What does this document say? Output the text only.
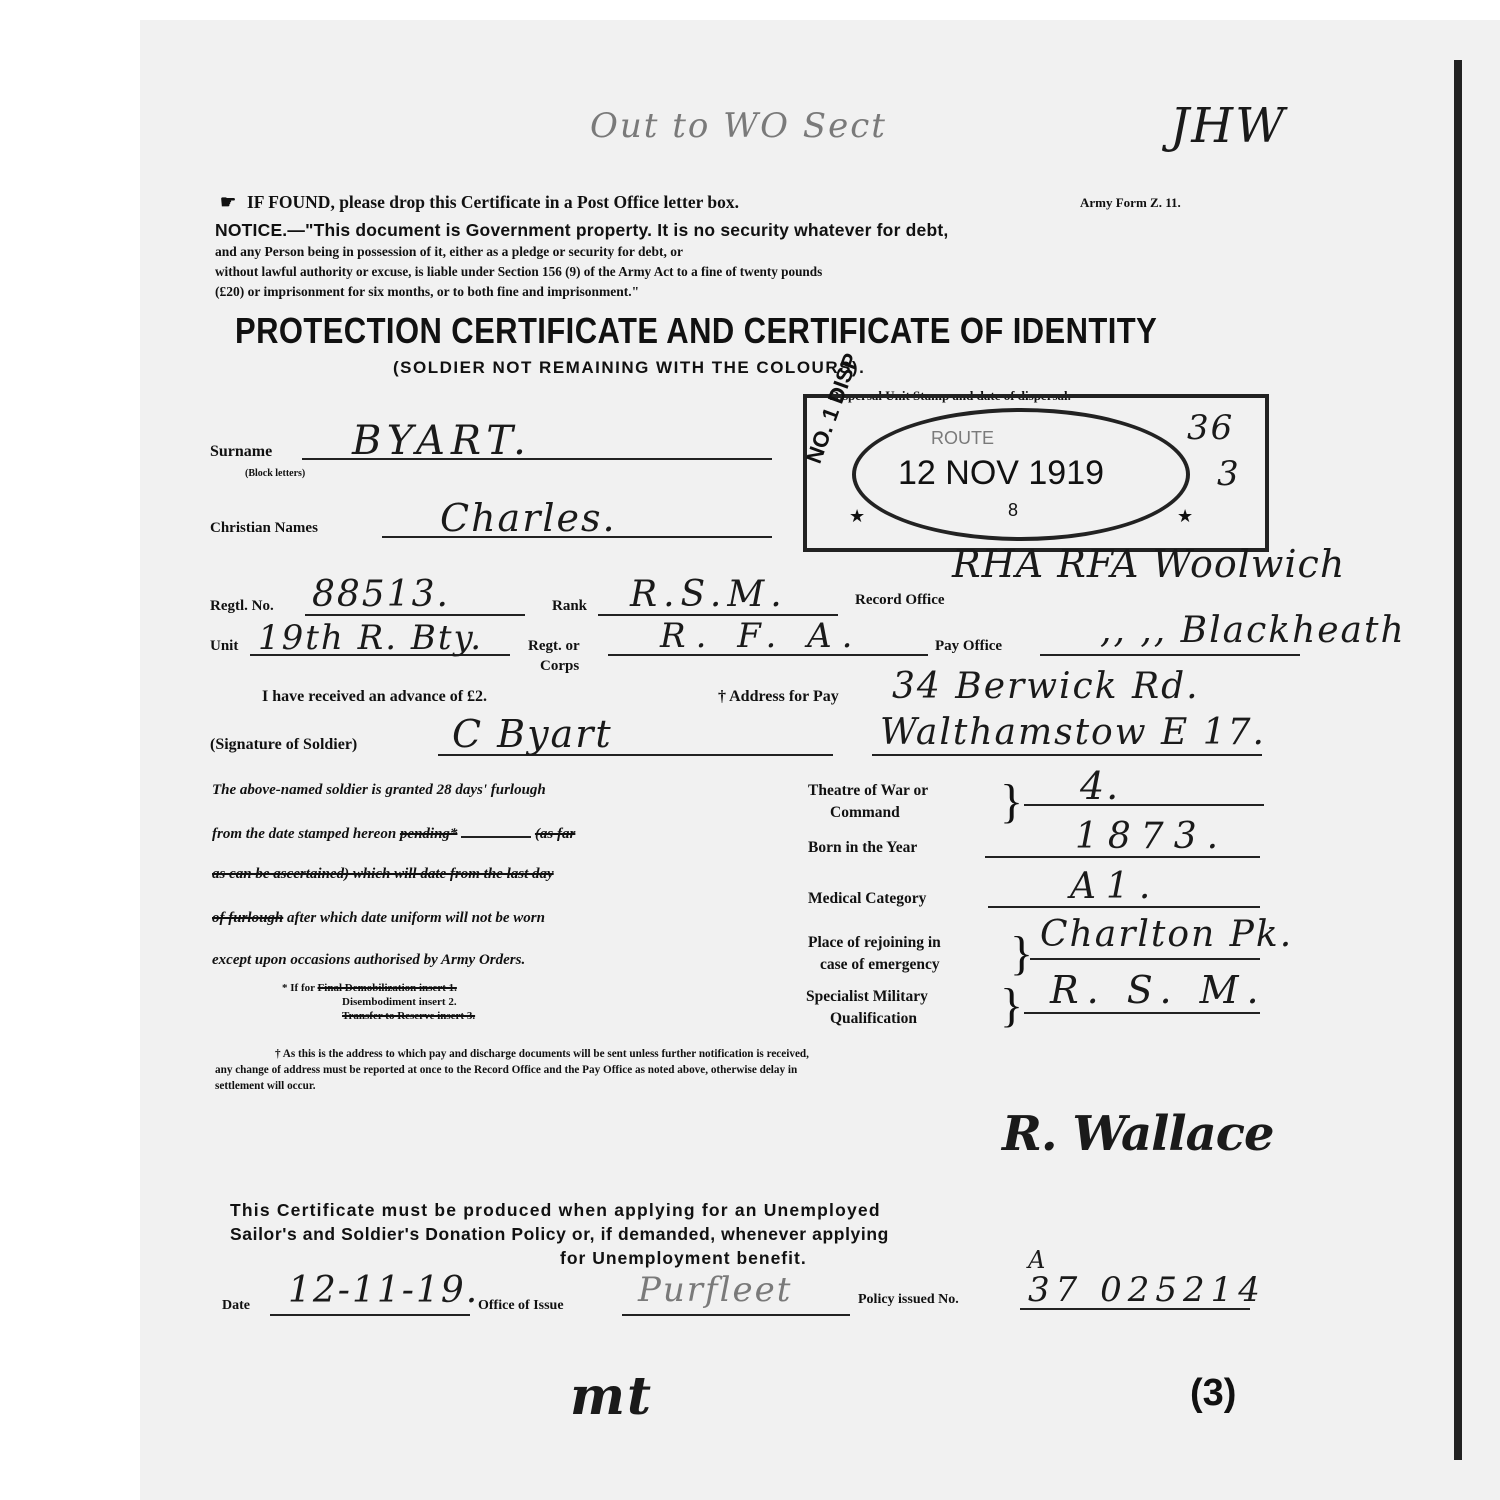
Out to WO Sect	JHW
☛ IF FOUND, please drop this Certificate in a Post Office letter box.	Army Form Z. 11.
NOTICE.—"This document is Government property. It is no security whatever for debt,
and any Person being in possession of it, either as a pledge or security for debt, or
without lawful authority or excuse, is liable under Section 156 (9) of the Army Act to a fine of twenty pounds
(£20) or imprisonment for six months, or to both fine and imprisonment."
PROTECTION CERTIFICATE AND CERTIFICATE OF IDENTITY
(SOLDIER NOT REMAINING WITH THE COLOURS).
Dispersal Unit Stamp and date of dispersal.
ROUTE
12 NOV 1919
8
NO. 1 DISP
★	★
36
3
Surname
(Block letters)
BYART.
Christian Names	Charles.
Regtl. No. 88513.	Rank R.S.M.	Record Office
RHA RFA Woolwich
Unit 19th R. Bty.	Regt. or
Corps
R. F. A.	Pay Office	,, ,, Blackheath
I have received an advance of £2.	† Address for Pay 34 Berwick Rd.
Walthamstow E 17.
(Signature of Soldier) C Byart
The above-named soldier is granted 28 days' furlough
from the date stamped hereon pending*	(as far
as can be ascertained) which will date from the last day
of furlough after which date uniform will not be worn
except upon occasions authorised by Army Orders.
* If for Final Demobilization insert 1.
Disembodiment insert 2.
Transfer to Reserve insert 3.
Theatre of War or
Command } 4.
Born in the Year	1873.
Medical Category	A1.
Place of rejoining in
case of emergency } Charlton Pk.
Specialist Military
Qualification } R. S. M.
† As this is the address to which pay and discharge documents will be sent unless further notification is received,
any change of address must be reported at once to the Record Office and the Pay Office as noted above, otherwise delay in
settlement will occur.
R. Wallace
This Certificate must be produced when applying for an Unemployed
Sailor's and Soldier's Donation Policy or, if demanded, whenever applying
for Unemployment benefit.
Date 12-11-19.
Office of Issue Purfleet	Policy issued No.
A
37 025214
mt	(3)
